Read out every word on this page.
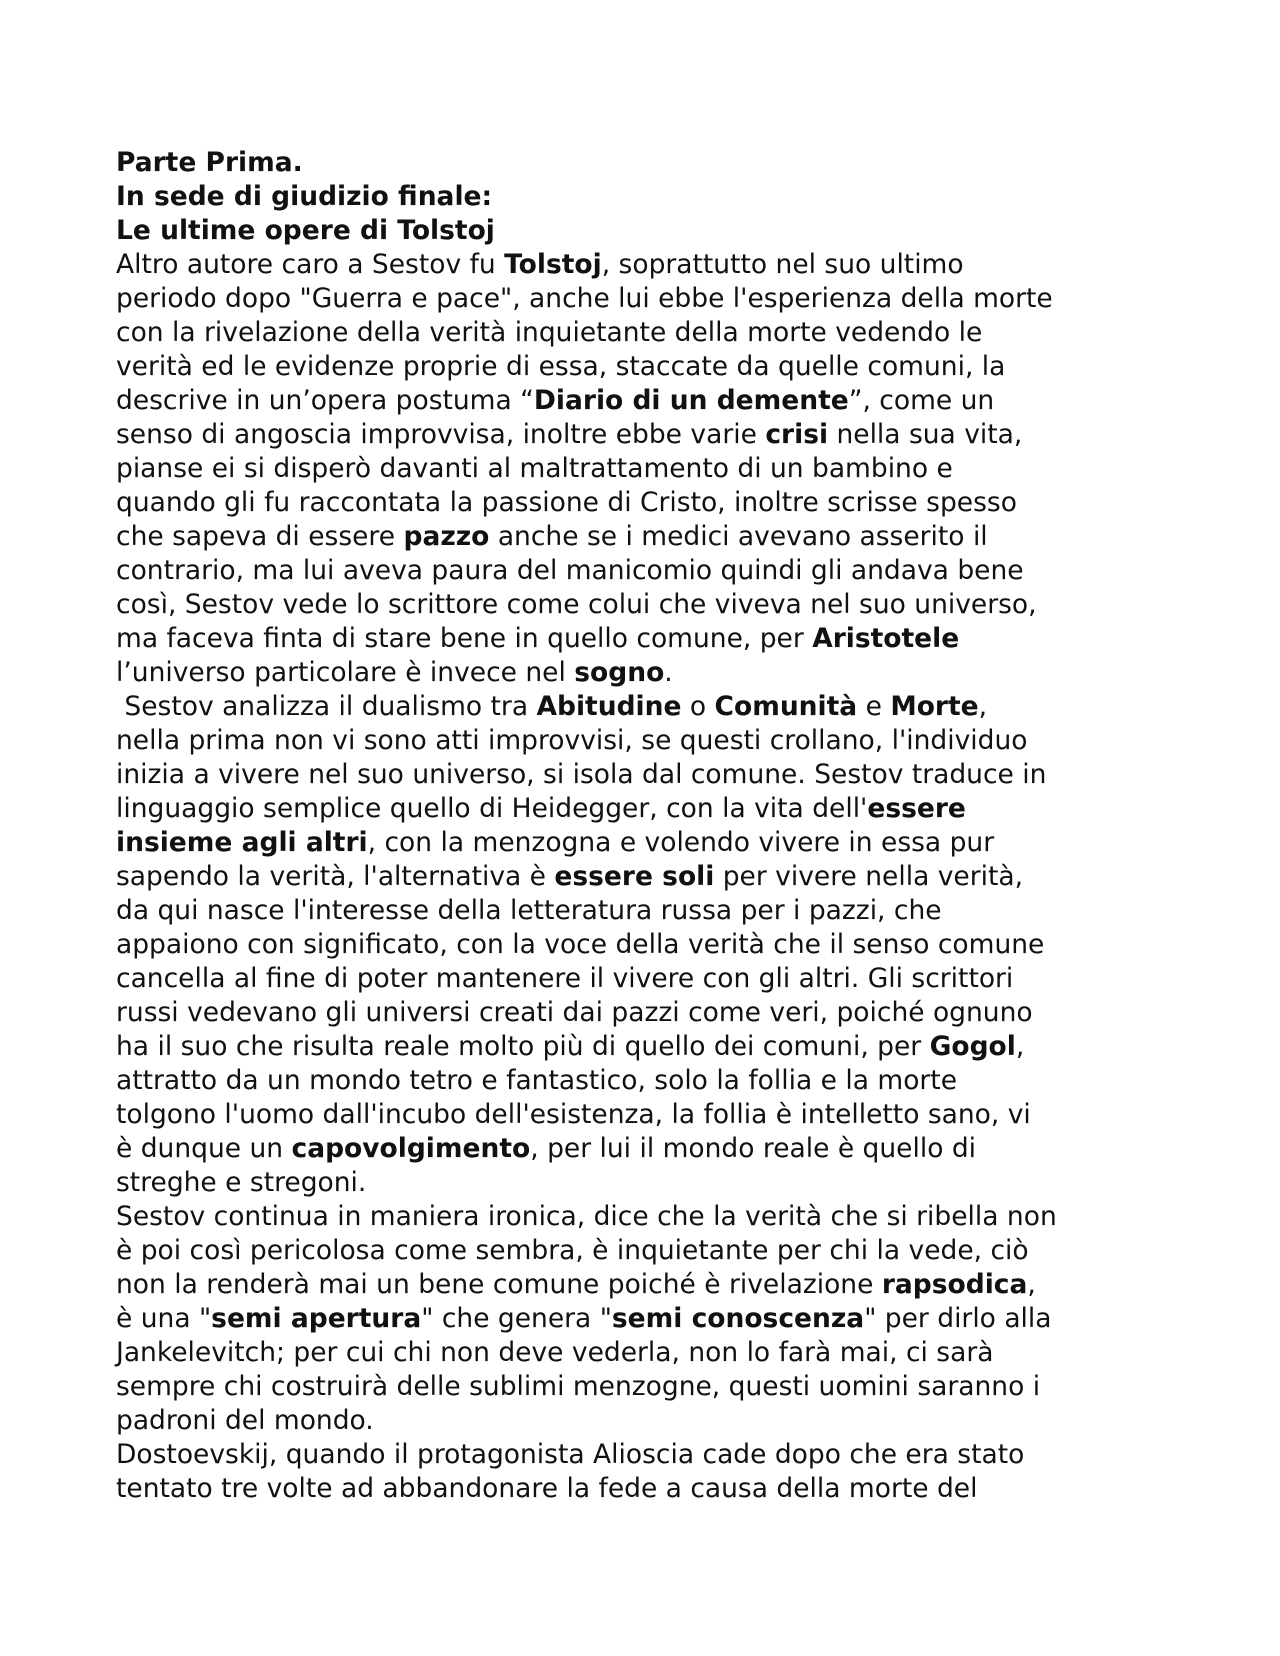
Parte Prima.
In sede di giudizio finale:
Le ultime opere di Tolstoj
Altro autore caro a Sestov fu Tolstoj, soprattutto nel suo ultimo
periodo dopo "Guerra e pace", anche lui ebbe l'esperienza della morte
con la rivelazione della verità inquietante della morte vedendo le
verità ed le evidenze proprie di essa, staccate da quelle comuni, la
descrive in un’opera postuma “Diario di un demente”, come un
senso di angoscia improvvisa, inoltre ebbe varie crisi nella sua vita,
pianse ei si disperò davanti al maltrattamento di un bambino e
quando gli fu raccontata la passione di Cristo, inoltre scrisse spesso
che sapeva di essere pazzo anche se i medici avevano asserito il
contrario, ma lui aveva paura del manicomio quindi gli andava bene
così, Sestov vede lo scrittore come colui che viveva nel suo universo,
ma faceva finta di stare bene in quello comune, per Aristotele
l’universo particolare è invece nel sogno.
Sestov analizza il dualismo tra Abitudine o Comunità e Morte,
nella prima non vi sono atti improvvisi, se questi crollano, l'individuo
inizia a vivere nel suo universo, si isola dal comune. Sestov traduce in
linguaggio semplice quello di Heidegger, con la vita dell'essere
insieme agli altri, con la menzogna e volendo vivere in essa pur
sapendo la verità, l'alternativa è essere soli per vivere nella verità,
da qui nasce l'interesse della letteratura russa per i pazzi, che
appaiono con significato, con la voce della verità che il senso comune
cancella al fine di poter mantenere il vivere con gli altri. Gli scrittori
russi vedevano gli universi creati dai pazzi come veri, poiché ognuno
ha il suo che risulta reale molto più di quello dei comuni, per Gogol,
attratto da un mondo tetro e fantastico, solo la follia e la morte
tolgono l'uomo dall'incubo dell'esistenza, la follia è intelletto sano, vi
è dunque un capovolgimento, per lui il mondo reale è quello di
streghe e stregoni.
Sestov continua in maniera ironica, dice che la verità che si ribella non
è poi così pericolosa come sembra, è inquietante per chi la vede, ciò
non la renderà mai un bene comune poiché è rivelazione rapsodica,
è una "semi apertura" che genera "semi conoscenza" per dirlo alla
Jankelevitch; per cui chi non deve vederla, non lo farà mai, ci sarà
sempre chi costruirà delle sublimi menzogne, questi uomini saranno i
padroni del mondo.
Dostoevskij, quando il protagonista Alioscia cade dopo che era stato
tentato tre volte ad abbandonare la fede a causa della morte del
